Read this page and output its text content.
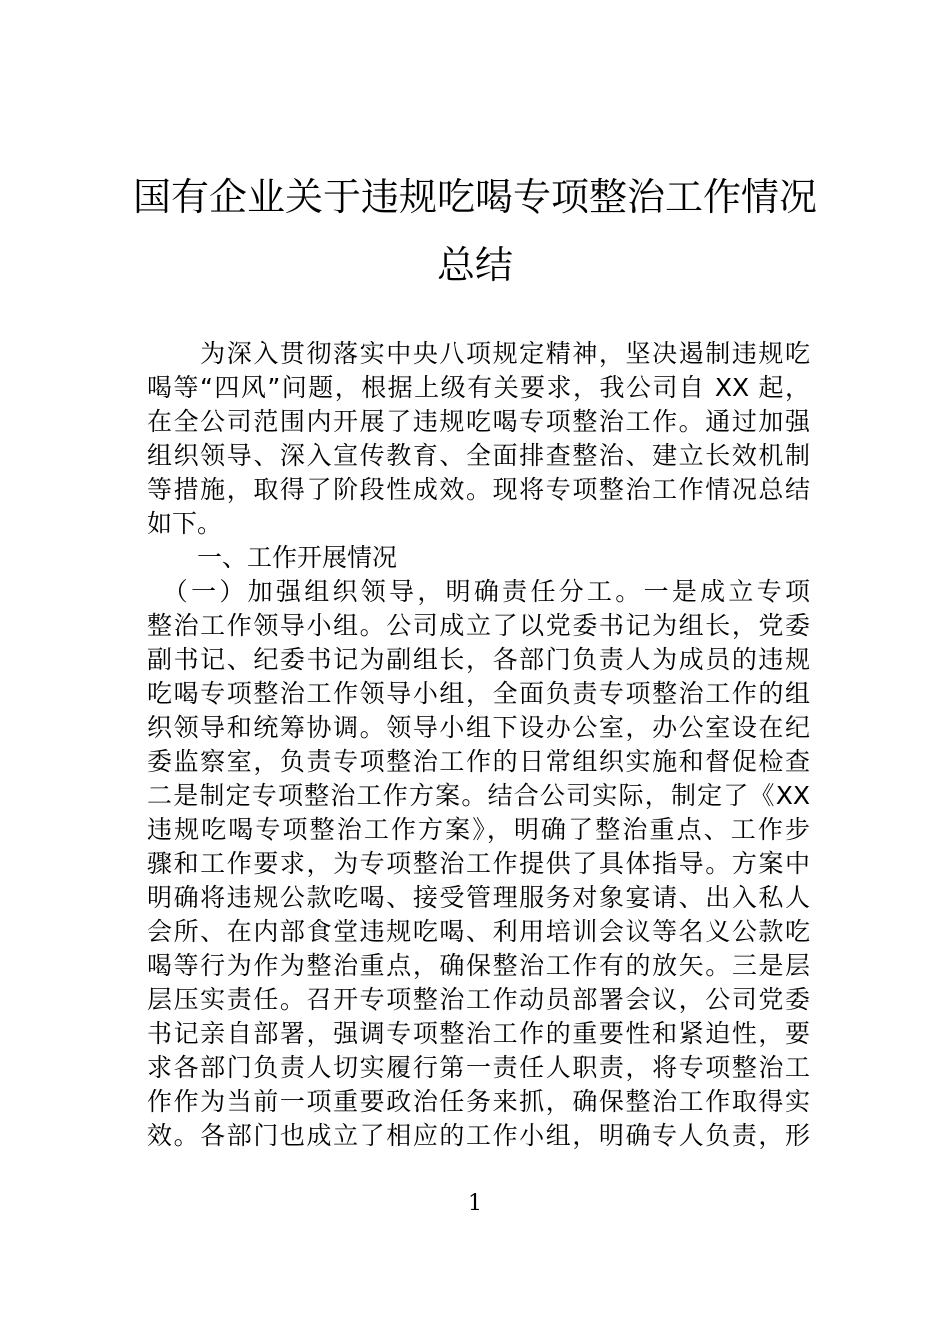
国有企业关于违规吃喝专项整治工作情况
总结
　　为深入贯彻落实中央八项规定精神，坚决遏制违规吃
喝等“四风”问题，根据上级有关要求，我公司自 XX 起，
在全公司范围内开展了违规吃喝专项整治工作。通过加强
组织领导、深入宣传教育、全面排查整治、建立长效机制
等措施，取得了阶段性成效。现将专项整治工作情况总结
如下。
　　一、工作开展情况
　（一）加强组织领导，明确责任分工。一是成立专项
整治工作领导小组。公司成立了以党委书记为组长，党委
副书记、纪委书记为副组长，各部门负责人为成员的违规
吃喝专项整治工作领导小组，全面负责专项整治工作的组
织领导和统筹协调。领导小组下设办公室，办公室设在纪
委监察室，负责专项整治工作的日常组织实施和督促检查
二是制定专项整治工作方案。结合公司实际，制定了《XX
违规吃喝专项整治工作方案》，明确了整治重点、工作步
骤和工作要求，为专项整治工作提供了具体指导。方案中
明确将违规公款吃喝、接受管理服务对象宴请、出入私人
会所、在内部食堂违规吃喝、利用培训会议等名义公款吃
喝等行为作为整治重点，确保整治工作有的放矢。三是层
层压实责任。召开专项整治工作动员部署会议，公司党委
书记亲自部署，强调专项整治工作的重要性和紧迫性，要
求各部门负责人切实履行第一责任人职责，将专项整治工
作作为当前一项重要政治任务来抓，确保整治工作取得实
效。各部门也成立了相应的工作小组，明确专人负责，形
1
